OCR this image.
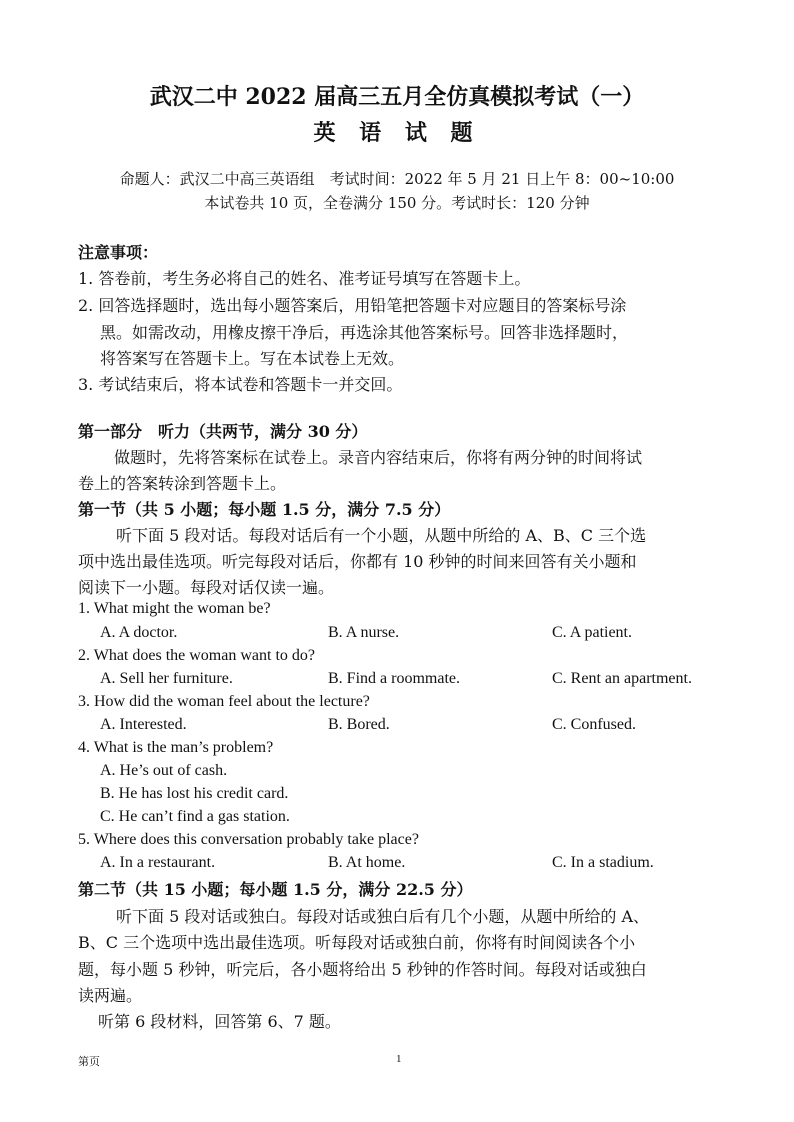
武汉二中 2022 届高三五月全仿真模拟考试（一）
英 语 试 题
命题人：武汉二中高三英语组　考试时间：2022 年 5 月 21 日上午 8：00~10:00
本试卷共 10 页，全卷满分 150 分。考试时长：120 分钟
注意事项：
1. 答卷前，考生务必将自己的姓名、准考证号填写在答题卡上。
2. 回答选择题时，选出每小题答案后，用铅笔把答题卡对应题目的答案标号涂
黑。如需改动，用橡皮擦干净后，再选涂其他答案标号。回答非选择题时，
将答案写在答题卡上。写在本试卷上无效。
3. 考试结束后，将本试卷和答题卡一并交回。
第一部分　听力（共两节，满分 30 分）
做题时，先将答案标在试卷上。录音内容结束后，你将有两分钟的时间将试
卷上的答案转涂到答题卡上。
第一节（共 5 小题；每小题 1.5 分，满分 7.5 分）
听下面 5 段对话。每段对话后有一个小题，从题中所给的 A、B、C 三个选
项中选出最佳选项。听完每段对话后，你都有 10 秒钟的时间来回答有关小题和
阅读下一小题。每段对话仅读一遍。
1. What might the woman be?
A. A doctor.	B. A nurse.	C. A patient.
2. What does the woman want to do?
A. Sell her furniture.	B. Find a roommate.	C. Rent an apartment.
3. How did the woman feel about the lecture?
A. Interested.	B. Bored.	C. Confused.
4. What is the man’s problem?
A. He’s out of cash.
B. He has lost his credit card.
C. He can’t find a gas station.
5. Where does this conversation probably take place?
A. In a restaurant.	B. At home.	C. In a stadium.
第二节（共 15 小题；每小题 1.5 分，满分 22.5 分）
听下面 5 段对话或独白。每段对话或独白后有几个小题，从题中所给的 A、
B、C 三个选项中选出最佳选项。听每段对话或独白前，你将有时间阅读各个小
题，每小题 5 秒钟，听完后，各小题将给出 5 秒钟的作答时间。每段对话或独白
读两遍。
听第 6 段材料，回答第 6、7 题。
第页	1
